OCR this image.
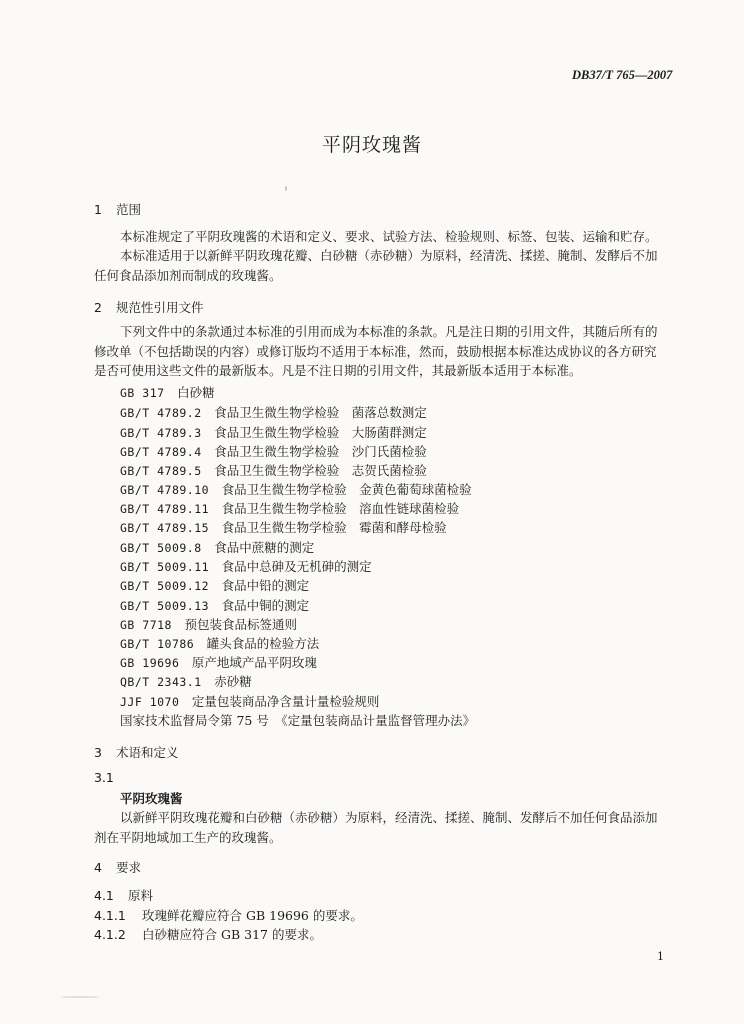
DB37/T 765—2007
平阴玫瑰酱
1 范围
本标准规定了平阴玫瑰酱的术语和定义、要求、试验方法、检验规则、标签、包装、运输和贮存。
本标准适用于以新鲜平阴玫瑰花瓣、白砂糖（赤砂糖）为原料，经清洗、揉搓、腌制、发酵后不加任何食品添加剂而制成的玫瑰酱。
2 规范性引用文件
下列文件中的条款通过本标准的引用而成为本标准的条款。凡是注日期的引用文件，其随后所有的修改单（不包括勘误的内容）或修订版均不适用于本标准，然而，鼓励根据本标准达成协议的各方研究是否可使用这些文件的最新版本。凡是不注日期的引用文件，其最新版本适用于本标准。
GB 317　 白砂糖
GB/T 4789.2　 食品卫生微生物学检验　菌落总数测定
GB/T 4789.3　 食品卫生微生物学检验　大肠菌群测定
GB/T 4789.4　 食品卫生微生物学检验　沙门氏菌检验
GB/T 4789.5　 食品卫生微生物学检验　志贺氏菌检验
GB/T 4789.10　 食品卫生微生物学检验　金黄色葡萄球菌检验
GB/T 4789.11　 食品卫生微生物学检验　溶血性链球菌检验
GB/T 4789.15　 食品卫生微生物学检验　霉菌和酵母检验
GB/T 5009.8　 食品中蔗糖的测定
GB/T 5009.11　 食品中总砷及无机砷的测定
GB/T 5009.12　 食品中铅的测定
GB/T 5009.13　 食品中铜的测定
GB 7718　 预包装食品标签通则
GB/T 10786　 罐头食品的检验方法
GB 19696　 原产地域产品平阴玫瑰
QB/T 2343.1　 赤砂糖
JJF 1070　 定量包装商品净含量计量检验规则
国家技术监督局令第 75 号　 《定量包装商品计量监督管理办法》
3 术语和定义
3.1
平阴玫瑰酱
以新鲜平阴玫瑰花瓣和白砂糖（赤砂糖）为原料，经清洗、揉搓、腌制、发酵后不加任何食品添加剂在平阴地域加工生产的玫瑰酱。
4 要求
4.1 原料
4.1.1 玫瑰鲜花瓣应符合 GB 19696 的要求。
4.1.2 白砂糖应符合 GB 317 的要求。
1
